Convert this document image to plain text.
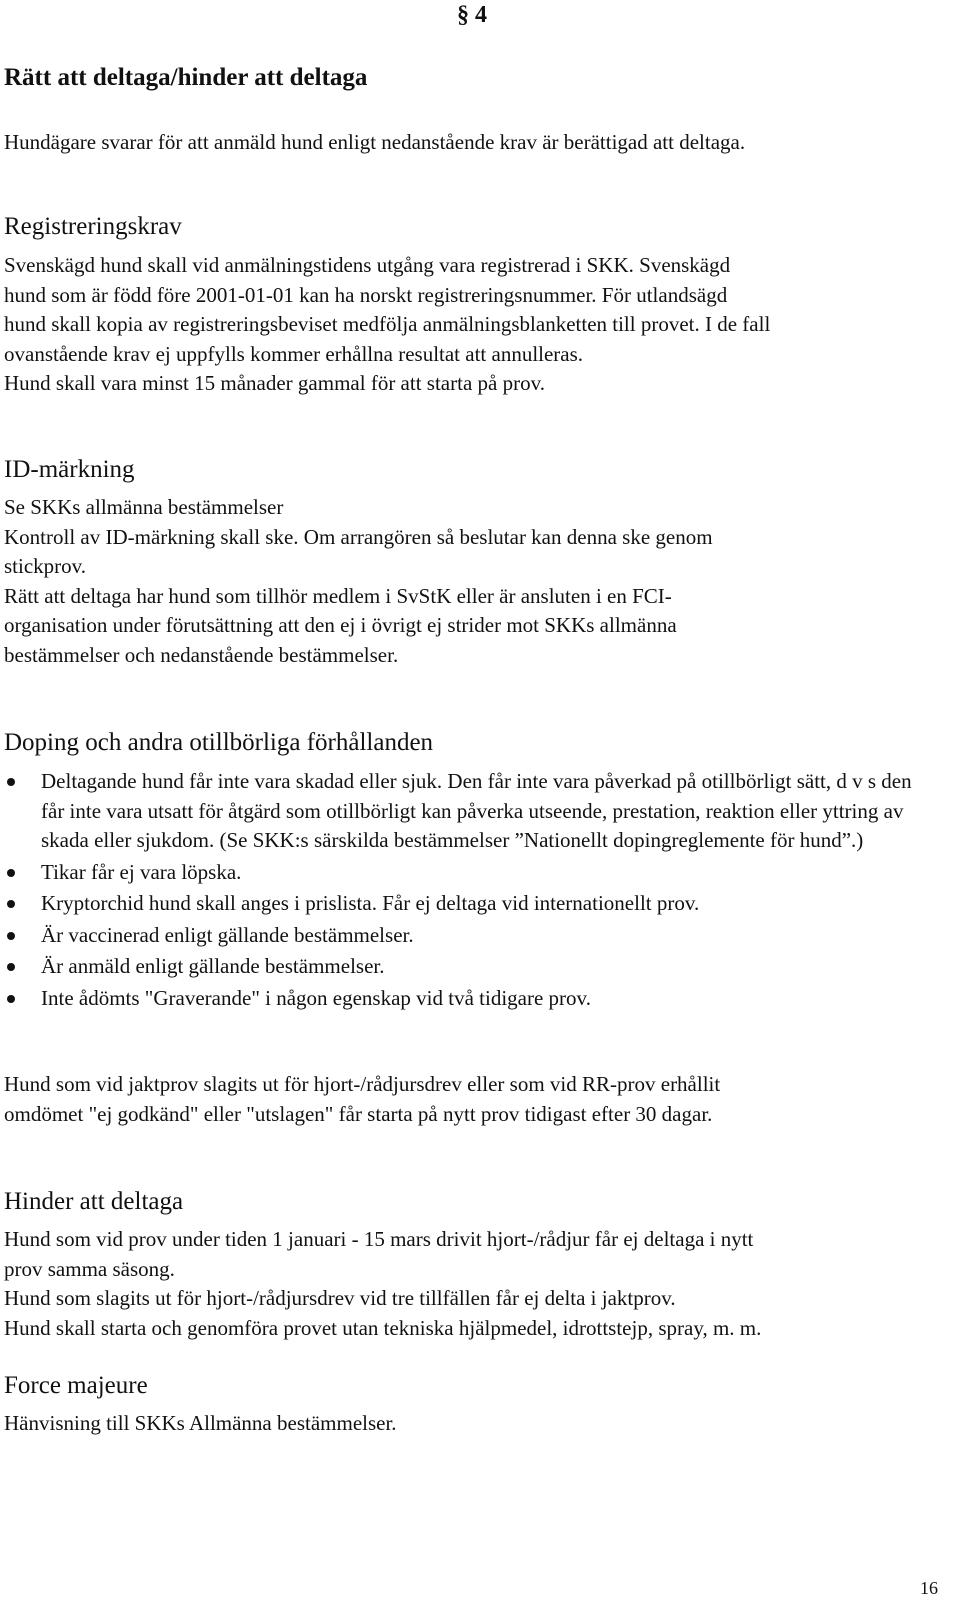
§ 4
Rätt att deltaga/hinder att deltaga

Hundägare svarar för att anmäld hund enligt nedanstående krav är berättigad att deltaga.

Registreringskrav

Svenskägd hund skall vid anmälningstidens utgång vara registrerad i SKK. Svenskägd

hund som är född före 2001-01-01 kan ha norskt registreringsnummer. För utlandsägd

hund skall kopia av registreringsbeviset medfölja anmälningsblanketten till provet. I de fall

ovanstående krav ej uppfylls kommer erhållna resultat att annulleras.

Hund skall vara minst 15 månader gammal för att starta på prov.

ID-märkning

Se SKKs allmänna bestämmelser

Kontroll av ID-märkning skall ske. Om arrangören så beslutar kan denna ske genom

stickprov.

Rätt att deltaga har hund som tillhör medlem i SvStK eller är ansluten i en FCI-

organisation under förutsättning att den ej i övrigt ej strider mot SKKs allmänna

bestämmelser och nedanstående bestämmelser.

Doping och andra otillbörliga förhållanden
Deltagande hund får inte vara skadad eller sjuk. Den får inte vara påverkad på otillbörligt sätt, d v s den får inte vara utsatt för åtgärd som otillbörligt kan påverka utseende, prestation, reaktion eller yttring av skada eller sjukdom. (Se SKK:s särskilda bestämmelser ”Nationellt dopingreglemente för hund”.)
Tikar får ej vara löpska.
Kryptorchid hund skall anges i prislista. Får ej deltaga vid internationellt prov.
Är vaccinerad enligt gällande bestämmelser.
Är anmäld enligt gällande bestämmelser.
Inte ådömts "Graverande" i någon egenskap vid två tidigare prov.

Hund som vid jaktprov slagits ut för hjort-/rådjursdrev eller som vid RR-prov erhållit

omdömet "ej godkänd" eller "utslagen" får starta på nytt prov tidigast efter 30 dagar.

Hinder att deltaga

Hund som vid prov under tiden 1 januari - 15 mars drivit hjort-/rådjur får ej deltaga i nytt

prov samma säsong.

Hund som slagits ut för hjort-/rådjursdrev vid tre tillfällen får ej delta i jaktprov.

Hund skall starta och genomföra provet utan tekniska hjälpmedel, idrottstejp, spray, m. m.

Force majeure

Hänvisning till SKKs Allmänna bestämmelser.

16
